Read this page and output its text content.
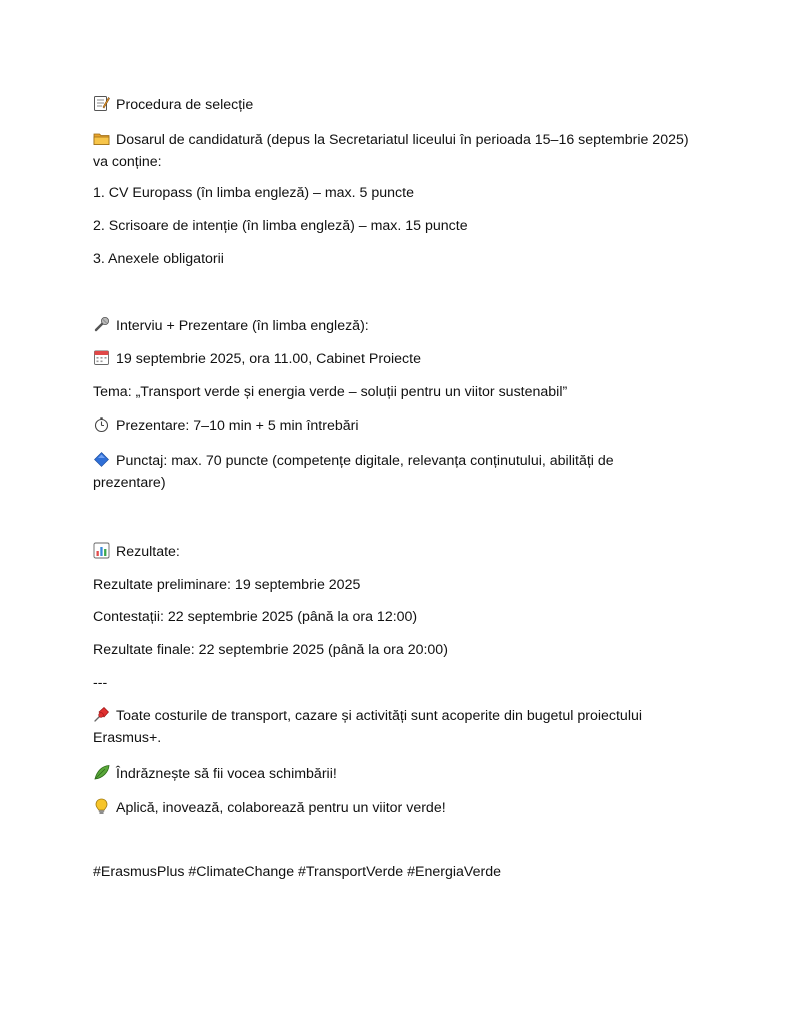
Procedura de selecție
Dosarul de candidatură (depus la Secretariatul liceului în perioada 15–16 septembrie 2025) va conține:
1. CV Europass (în limba engleză) – max. 5 puncte
2. Scrisoare de intenție (în limba engleză) – max. 15 puncte
3. Anexele obligatorii
Interviu + Prezentare (în limba engleză):
19 septembrie 2025, ora 11.00, Cabinet Proiecte
Tema: „Transport verde și energia verde – soluții pentru un viitor sustenabil”
Prezentare: 7–10 min + 5 min întrebări
Punctaj: max. 70 puncte (competențe digitale, relevanța conținutului, abilități de prezentare)
Rezultate:
Rezultate preliminare: 19 septembrie 2025
Contestații: 22 septembrie 2025 (până la ora 12:00)
Rezultate finale: 22 septembrie 2025 (până la ora 20:00)
---
Toate costurile de transport, cazare și activități sunt acoperite din bugetul proiectului Erasmus+.
Îndrăznește să fii vocea schimbării!
Aplică, inovează, colaborează pentru un viitor verde!
#ErasmusPlus #ClimateChange #TransportVerde #EnergiaVerde
